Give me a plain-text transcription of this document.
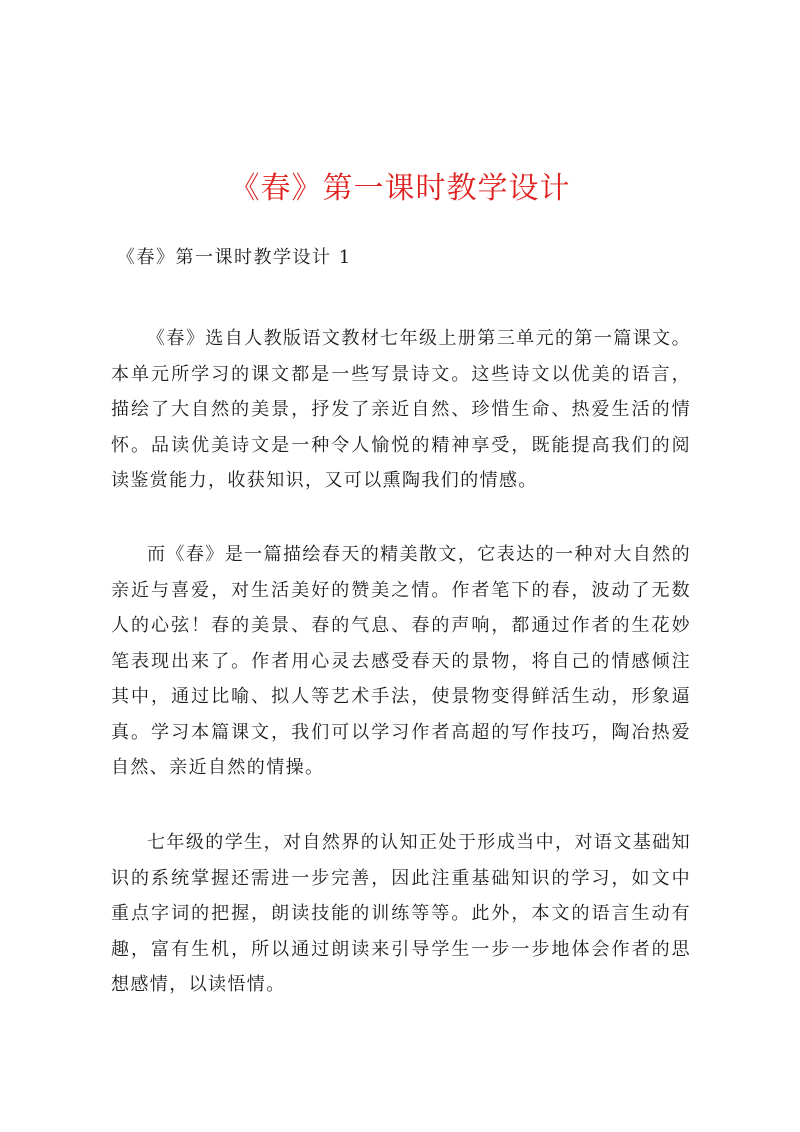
《春》第一课时教学设计
《春》第一课时教学设计 1

《春》选自人教版语文教材七年级上册第三单元的第一篇课文。本单元所学习的课文都是一些写景诗文。这些诗文以优美的语言，描绘了大自然的美景，抒发了亲近自然、珍惜生命、热爱生活的情怀。品读优美诗文是一种令人愉悦的精神享受，既能提高我们的阅读鉴赏能力，收获知识，又可以熏陶我们的情感。

而《春》是一篇描绘春天的精美散文，它表达的一种对大自然的亲近与喜爱，对生活美好的赞美之情。作者笔下的春，波动了无数人的心弦！春的美景、春的气息、春的声响，都通过作者的生花妙笔表现出来了。作者用心灵去感受春天的景物，将自己的情感倾注其中，通过比喻、拟人等艺术手法，使景物变得鲜活生动，形象逼真。学习本篇课文，我们可以学习作者高超的写作技巧，陶冶热爱自然、亲近自然的情操。

七年级的学生，对自然界的认知正处于形成当中，对语文基础知识的系统掌握还需进一步完善，因此注重基础知识的学习，如文中重点字词的把握，朗读技能的训练等等。此外，本文的语言生动有趣，富有生机，所以通过朗读来引导学生一步一步地体会作者的思想感情，以读悟情。
